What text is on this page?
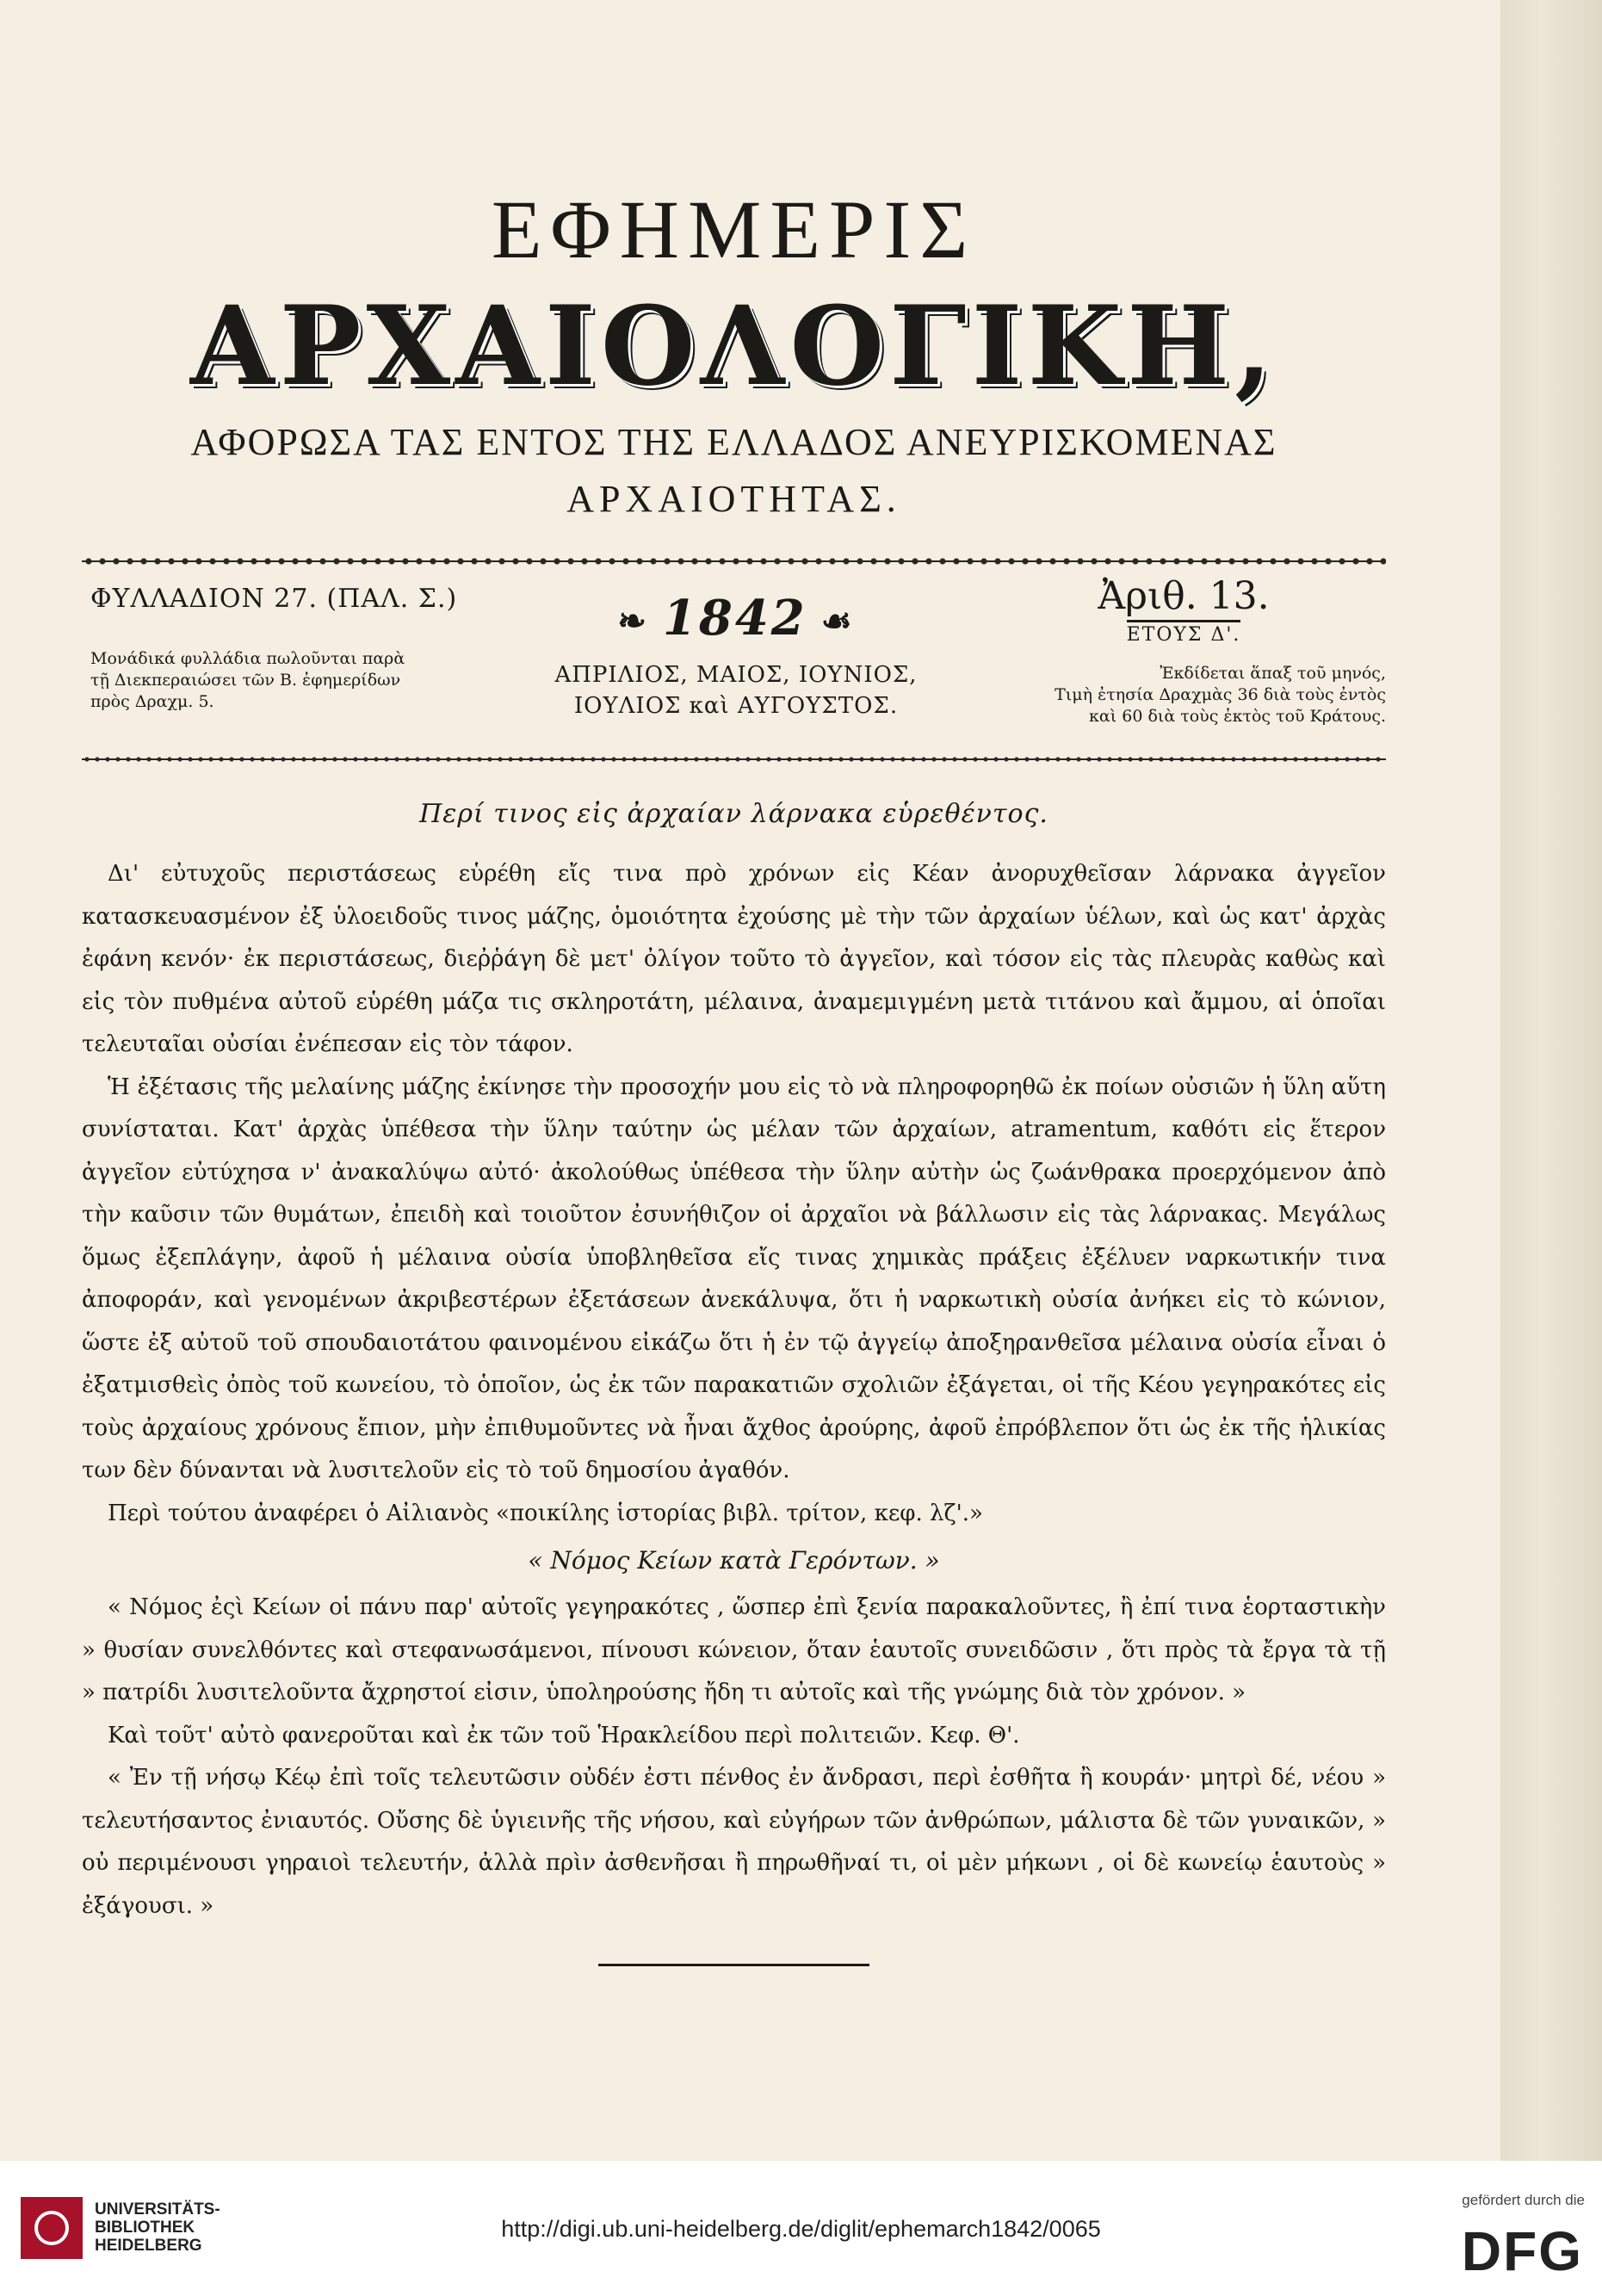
ΕΦΗΜΕΡΙΣ
ΑΡΧΑΙΟΛΟΓΙΚΗ,
ΑΦΟΡΩΣΑ ΤΑΣ ΕΝΤΟΣ ΤΗΣ ΕΛΛΑΔΟΣ ΑΝΕΥΡΙΣΚΟΜΕΝΑΣ
ΑΡΧΑΙΟΤΗΤΑΣ.
ΦΥΛΛΑΔΙΟΝ 27. (ΠΑΛ. Σ.)
Μονάδικά φυλλάδια πωλοῦνται παρὰ
τῇ Διεκπεραιώσει τῶν Β. ἐφημερίδων
πρὸς Δραχμ. 5.
❧ 1842 ☙
ΑΠΡΙΛΙΟΣ, ΜΑΙΟΣ, ΙΟΥΝΙΟΣ,
ΙΟΥΛΙΟΣ καὶ ΑΥΓΟΥΣΤΟΣ.
Ἀριθ. 13.
ΕΤΟΥΣ Δ'.
Ἐκδίδεται ἅπαξ τοῦ μηνός,
Τιμὴ ἐτησία Δραχμὰς 36 διὰ τοὺς ἐντὸς
καὶ 60 διὰ τοὺς ἐκτὸς τοῦ Κράτους.
Περί τινος εἰς ἀρχαίαν λάρνακα εὑρεθέντος.

Δι' εὐτυχοῦς περιστάσεως εὑρέθη εἴς τινα πρὸ χρόνων εἰς Κέαν ἀνορυχθεῖσαν λάρνακα ἀγγεῖον κατασκευασμένον ἐξ ὑλοειδοῦς τινος μάζης, ὁμοιότητα ἐχούσης μὲ τὴν τῶν ἀρχαίων ὑέλων, καὶ ὡς κατ' ἀρχὰς ἐφάνη κενόν· ἐκ περιστάσεως, διεῤῥάγη δὲ μετ' ὀλίγον τοῦτο τὸ ἀγγεῖον, καὶ τόσον εἰς τὰς πλευρὰς καθὼς καὶ εἰς τὸν πυθμένα αὐτοῦ εὑρέθη μάζα τις σκληροτάτη, μέλαινα, ἀναμεμιγμένη μετὰ τιτάνου καὶ ἄμμου, αἱ ὁποῖαι τελευταῖαι οὐσίαι ἐνέπεσαν εἰς τὸν τάφον.

Ἡ ἐξέτασις τῆς μελαίνης μάζης ἐκίνησε τὴν προσοχήν μου εἰς τὸ νὰ πληροφορηθῶ ἐκ ποίων οὐσιῶν ἡ ὕλη αὕτη συνίσταται. Κατ' ἀρχὰς ὑπέθεσα τὴν ὕλην ταύτην ὡς μέλαν τῶν ἀρχαίων, atramentum, καθότι εἰς ἕτερον ἀγγεῖον εὐτύχησα ν' ἀνακαλύψω αὐτό· ἀκολούθως ὑπέθεσα τὴν ὕλην αὐτὴν ὡς ζωάνθρακα προερχόμενον ἀπὸ τὴν καῦσιν τῶν θυμάτων, ἐπειδὴ καὶ τοιοῦτον ἐσυνήθιζον οἱ ἀρχαῖοι νὰ βάλλωσιν εἰς τὰς λάρνακας. Μεγάλως ὅμως ἐξεπλάγην, ἀφοῦ ἡ μέλαινα οὐσία ὑποβληθεῖσα εἴς τινας χημικὰς πράξεις ἐξέλυεν ναρκωτικήν τινα ἀποφοράν, καὶ γενομένων ἀκριβεστέρων ἐξετάσεων ἀνεκάλυψα, ὅτι ἡ ναρκωτικὴ οὐσία ἀνήκει εἰς τὸ κώνιον, ὥστε ἐξ αὐτοῦ τοῦ σπουδαιοτάτου φαινομένου εἰκάζω ὅτι ἡ ἐν τῷ ἀγγείῳ ἀποξηρανθεῖσα μέλαινα οὐσία εἶναι ὁ ἐξατμισθεὶς ὀπὸς τοῦ κωνείου, τὸ ὁποῖον, ὡς ἐκ τῶν παρακατιῶν σχολιῶν ἐξάγεται, οἱ τῆς Κέου γεγηρακότες εἰς τοὺς ἀρχαίους χρόνους ἔπιον, μὴν ἐπιθυμοῦντες νὰ ἦναι ἄχθος ἀρούρης, ἀφοῦ ἐπρόβλεπον ὅτι ὡς ἐκ τῆς ἡλικίας των δὲν δύνανται νὰ λυσιτελοῦν εἰς τὸ τοῦ δημοσίου ἀγαθόν.

Περὶ τούτου ἀναφέρει ὁ Αἰλιανὸς «ποικίλης ἱστορίας βιβλ. τρίτον, κεφ. λζ'.»

« Νόμος Κείων κατὰ Γερόντων. »

« Νόμος ἐςὶ Κείων οἱ πάνυ παρ' αὐτοῖς γεγηρακότες , ὥσπερ ἐπὶ ξενία παρακαλοῦντες, ἢ ἐπί τινα ἑορταστικὴν » θυσίαν συνελθόντες καὶ στεφανωσάμενοι, πίνουσι κώνειον, ὅταν ἑαυτοῖς συνειδῶσιν , ὅτι πρὸς τὰ ἔργα τὰ τῇ » πατρίδι λυσιτελοῦντα ἄχρηστοί εἰσιν, ὑποληρούσης ἤδη τι αὐτοῖς καὶ τῆς γνώμης διὰ τὸν χρόνον. »

Καὶ τοῦτ' αὐτὸ φανεροῦται καὶ ἐκ τῶν τοῦ Ἡρακλείδου περὶ πολιτειῶν. Κεφ. Θ'.

« Ἐν τῇ νήσῳ Κέῳ ἐπὶ τοῖς τελευτῶσιν οὐδέν ἐστι πένθος ἐν ἄνδρασι, περὶ ἐσθῆτα ἢ κουράν· μητρὶ δέ, νέου » τελευτήσαντος ἐνιαυτός. Οὔσης δὲ ὑγιεινῆς τῆς νήσου, καὶ εὐγήρων τῶν ἀνθρώπων, μάλιστα δὲ τῶν γυναικῶν, » οὐ περιμένουσι γηραιοὶ τελευτήν, ἀλλὰ πρὶν ἀσθενῆσαι ἢ πηρωθῆναί τι, οἱ μὲν μήκωνι , οἱ δὲ κωνείῳ ἑαυτοὺς » ἐξάγουσι. »

UNIVERSITÄTS-
BIBLIOTHEK
HEIDELBERG
http://digi.ub.uni-heidelberg.de/diglit/ephemarch1842/0065
gefördert durch die
DFG
